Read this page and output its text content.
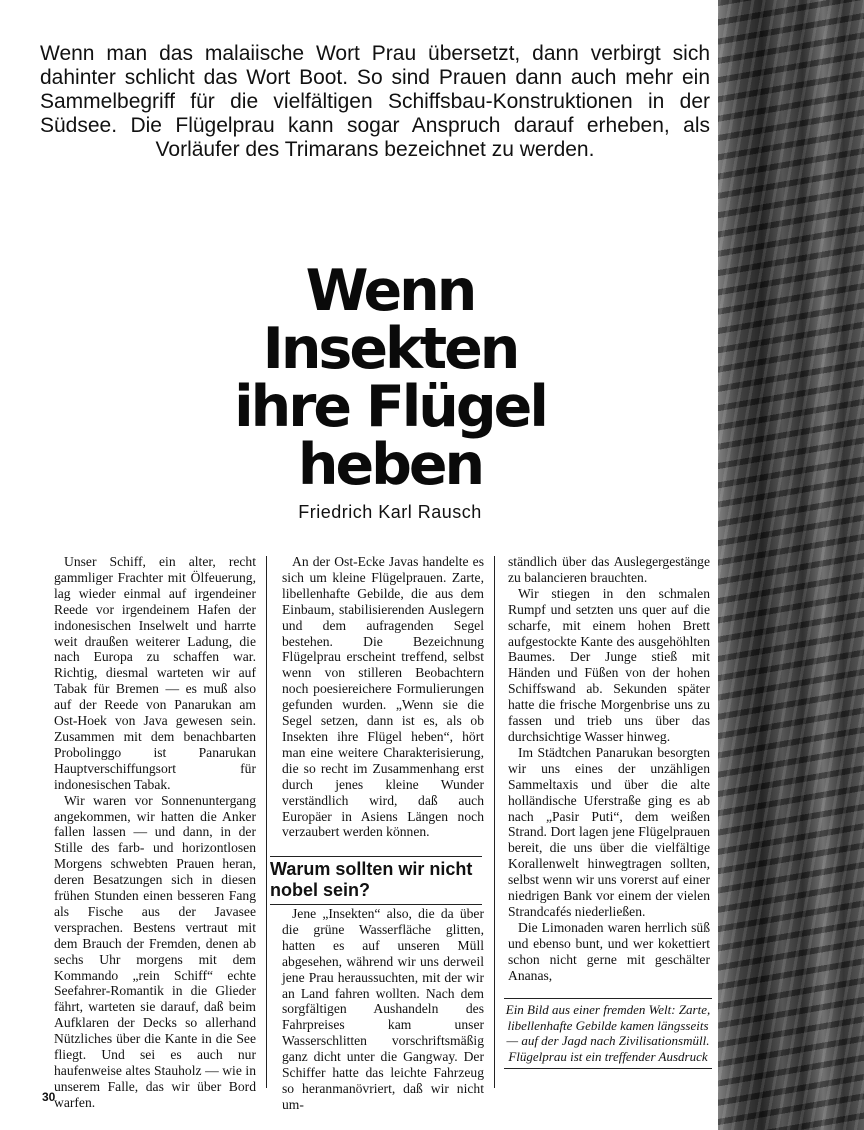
Wenn man das malaiische Wort Prau übersetzt, dann verbirgt sich dahinter schlicht das Wort Boot. So sind Prauen dann auch mehr ein Sammelbegriff für die vielfältigen Schiffsbau-Konstruktionen in der Südsee. Die Flügelprau kann sogar Anspruch darauf erheben, als Vorläufer des Trimarans bezeichnet zu werden.

Wenn
Insekten
ihre Flügel
heben
Friedrich Karl Rausch

Unser Schiff, ein alter, recht gammliger Frachter mit Ölfeuerung, lag wieder einmal auf irgendeiner Reede vor irgendeinem Hafen der indonesischen Inselwelt und harrte weit draußen weiterer Ladung, die nach Europa zu schaffen war. Richtig, diesmal warteten wir auf Tabak für Bremen — es muß also auf der Reede von Panarukan am Ost-Hoek von Java gewesen sein. Zusammen mit dem benachbarten Probolinggo ist Panarukan Hauptverschiffungsort für indonesischen Tabak.

Wir waren vor Sonnenuntergang angekommen, wir hatten die Anker fallen lassen — und dann, in der Stille des farb- und horizontlosen Morgens schwebten Prauen heran, deren Besatzungen sich in diesen frühen Stunden einen besseren Fang als Fische aus der Javasee versprachen. Bestens vertraut mit dem Brauch der Fremden, denen ab sechs Uhr morgens mit dem Kommando „rein Schiff“ echte Seefahrer-Romantik in die Glieder fährt, warteten sie darauf, daß beim Aufklaren der Decks so allerhand Nützliches über die Kante in die See fliegt. Und sei es auch nur haufenweise altes Stauholz — wie in unserem Falle, das wir über Bord warfen.

An der Ost-Ecke Javas handelte es sich um kleine Flügelprauen. Zarte, libellenhafte Gebilde, die aus dem Einbaum, stabilisierenden Auslegern und dem aufragenden Segel bestehen. Die Bezeichnung Flügelprau erscheint treffend, selbst wenn von stilleren Beobachtern noch poesiereichere Formulierungen gefunden wurden. „Wenn sie die Segel setzen, dann ist es, als ob Insekten ihre Flügel heben“, hört man eine weitere Charakterisierung, die so recht im Zusammenhang erst durch jenes kleine Wunder verständlich wird, daß auch Europäer in Asiens Längen noch verzaubert werden können.

Warum sollten wir nicht nobel sein?

Jene „Insekten“ also, die da über die grüne Wasserfläche glitten, hatten es auf unseren Müll abgesehen, während wir uns derweil jene Prau heraussuchten, mit der wir an Land fahren wollten. Nach dem sorgfältigen Aushandeln des Fahrpreises kam unser Wasserschlitten vorschriftsmäßig ganz dicht unter die Gangway. Der Schiffer hatte das leichte Fahrzeug so heranmanövriert, daß wir nicht um-

ständlich über das Auslegergestänge zu balancieren brauchten.

Wir stiegen in den schmalen Rumpf und setzten uns quer auf die scharfe, mit einem hohen Brett aufgestockte Kante des ausgehöhlten Baumes. Der Junge stieß mit Händen und Füßen von der hohen Schiffswand ab. Sekunden später hatte die frische Morgenbrise uns zu fassen und trieb uns über das durchsichtige Wasser hinweg.

Im Städtchen Panarukan besorgten wir uns eines der unzähligen Sammeltaxis und über die alte holländische Uferstraße ging es ab nach „Pasir Puti“, dem weißen Strand. Dort lagen jene Flügelprauen bereit, die uns über die vielfältige Korallenwelt hinwegtragen sollten, selbst wenn wir uns vorerst auf einer niedrigen Bank vor einem der vielen Strandcafés niederließen.

Die Limonaden waren herrlich süß und ebenso bunt, und wer kokettiert schon nicht gerne mit geschälter Ananas,

Ein Bild aus einer fremden Welt: Zarte, libellenhafte Gebilde kamen längsseits — auf der Jagd nach Zivilisationsmüll. Flügelprau ist ein treffender Ausdruck
30
